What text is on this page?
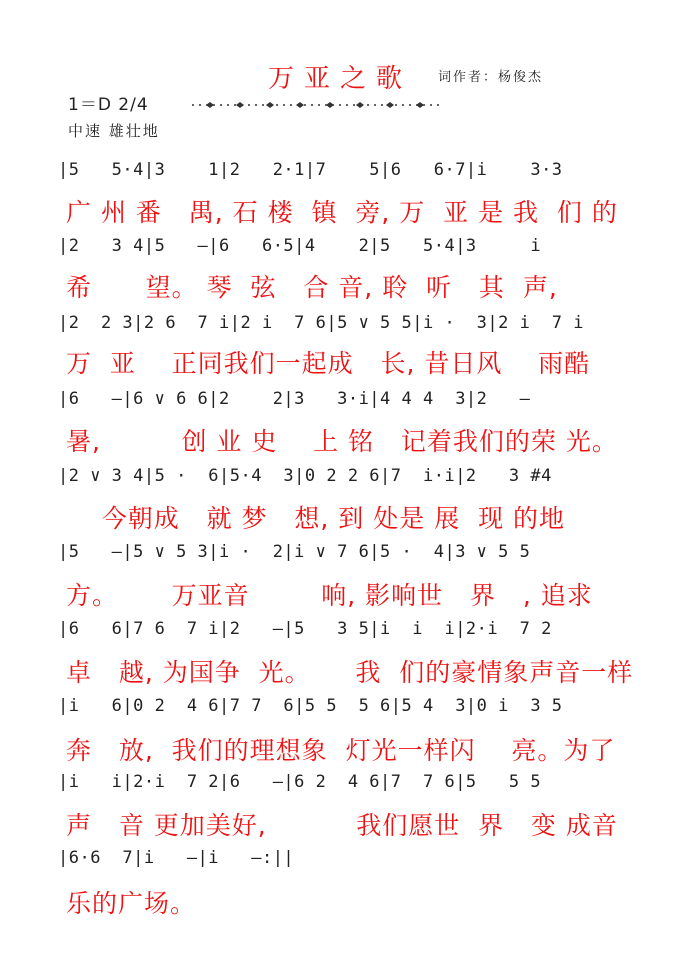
万亚之歌 词作者：杨俊杰
1＝D 2/4
中速 雄壮地
|5   5·4|3    1|2   2·1|7    5|6   6·7|i    3·3
广 州 番   禺, 石 楼  镇  旁, 万  亚 是 我  们 的
|2   3 4|5   —|6   6·5|4    2|5   5·4|3     i
希      望。 琴  弦   合 音, 聆  听   其  声,
|2  2 3|2 6  7 i|2 i  7 6|5 ∨ 5 5|i ·  3|2 i  7 i
万  亚    正同我们一起成   长, 昔日风    雨酷
|6   —|6 ∨ 6 6|2    2|3   3·i|4 4 4  3|2   —
暑,         创 业 史    上 铭   记着我们的荣 光。
|2 ∨ 3 4|5 ·  6|5·4  3|0 2 2 6|7  i·i|2   3 #4
今朝成   就 梦   想, 到 处是 展  现 的地
|5   —|5 ∨ 5 3|i ·  2|i ∨ 7 6|5 ·  4|3 ∨ 5 5
方。      万亚音        响, 影响世   界   , 追求
|6   6|7 6  7 i|2   —|5   3 5|i  i  i|2·i  7 2
卓   越, 为国争  光。     我  们的豪情象声音一样
|i   6|0 2  4 6|7 7  6|5 5  5 6|5 4  3|0 i  3 5
奔   放,  我们的理想象  灯光一样闪    亮。为了
|i   i|2·i  7 2|6   —|6 2  4 6|7  7 6|5   5 5
声   音 更加美好,          我们愿世  界   变 成音
|6·6  7|i   —|i   —:||
乐的广场。
